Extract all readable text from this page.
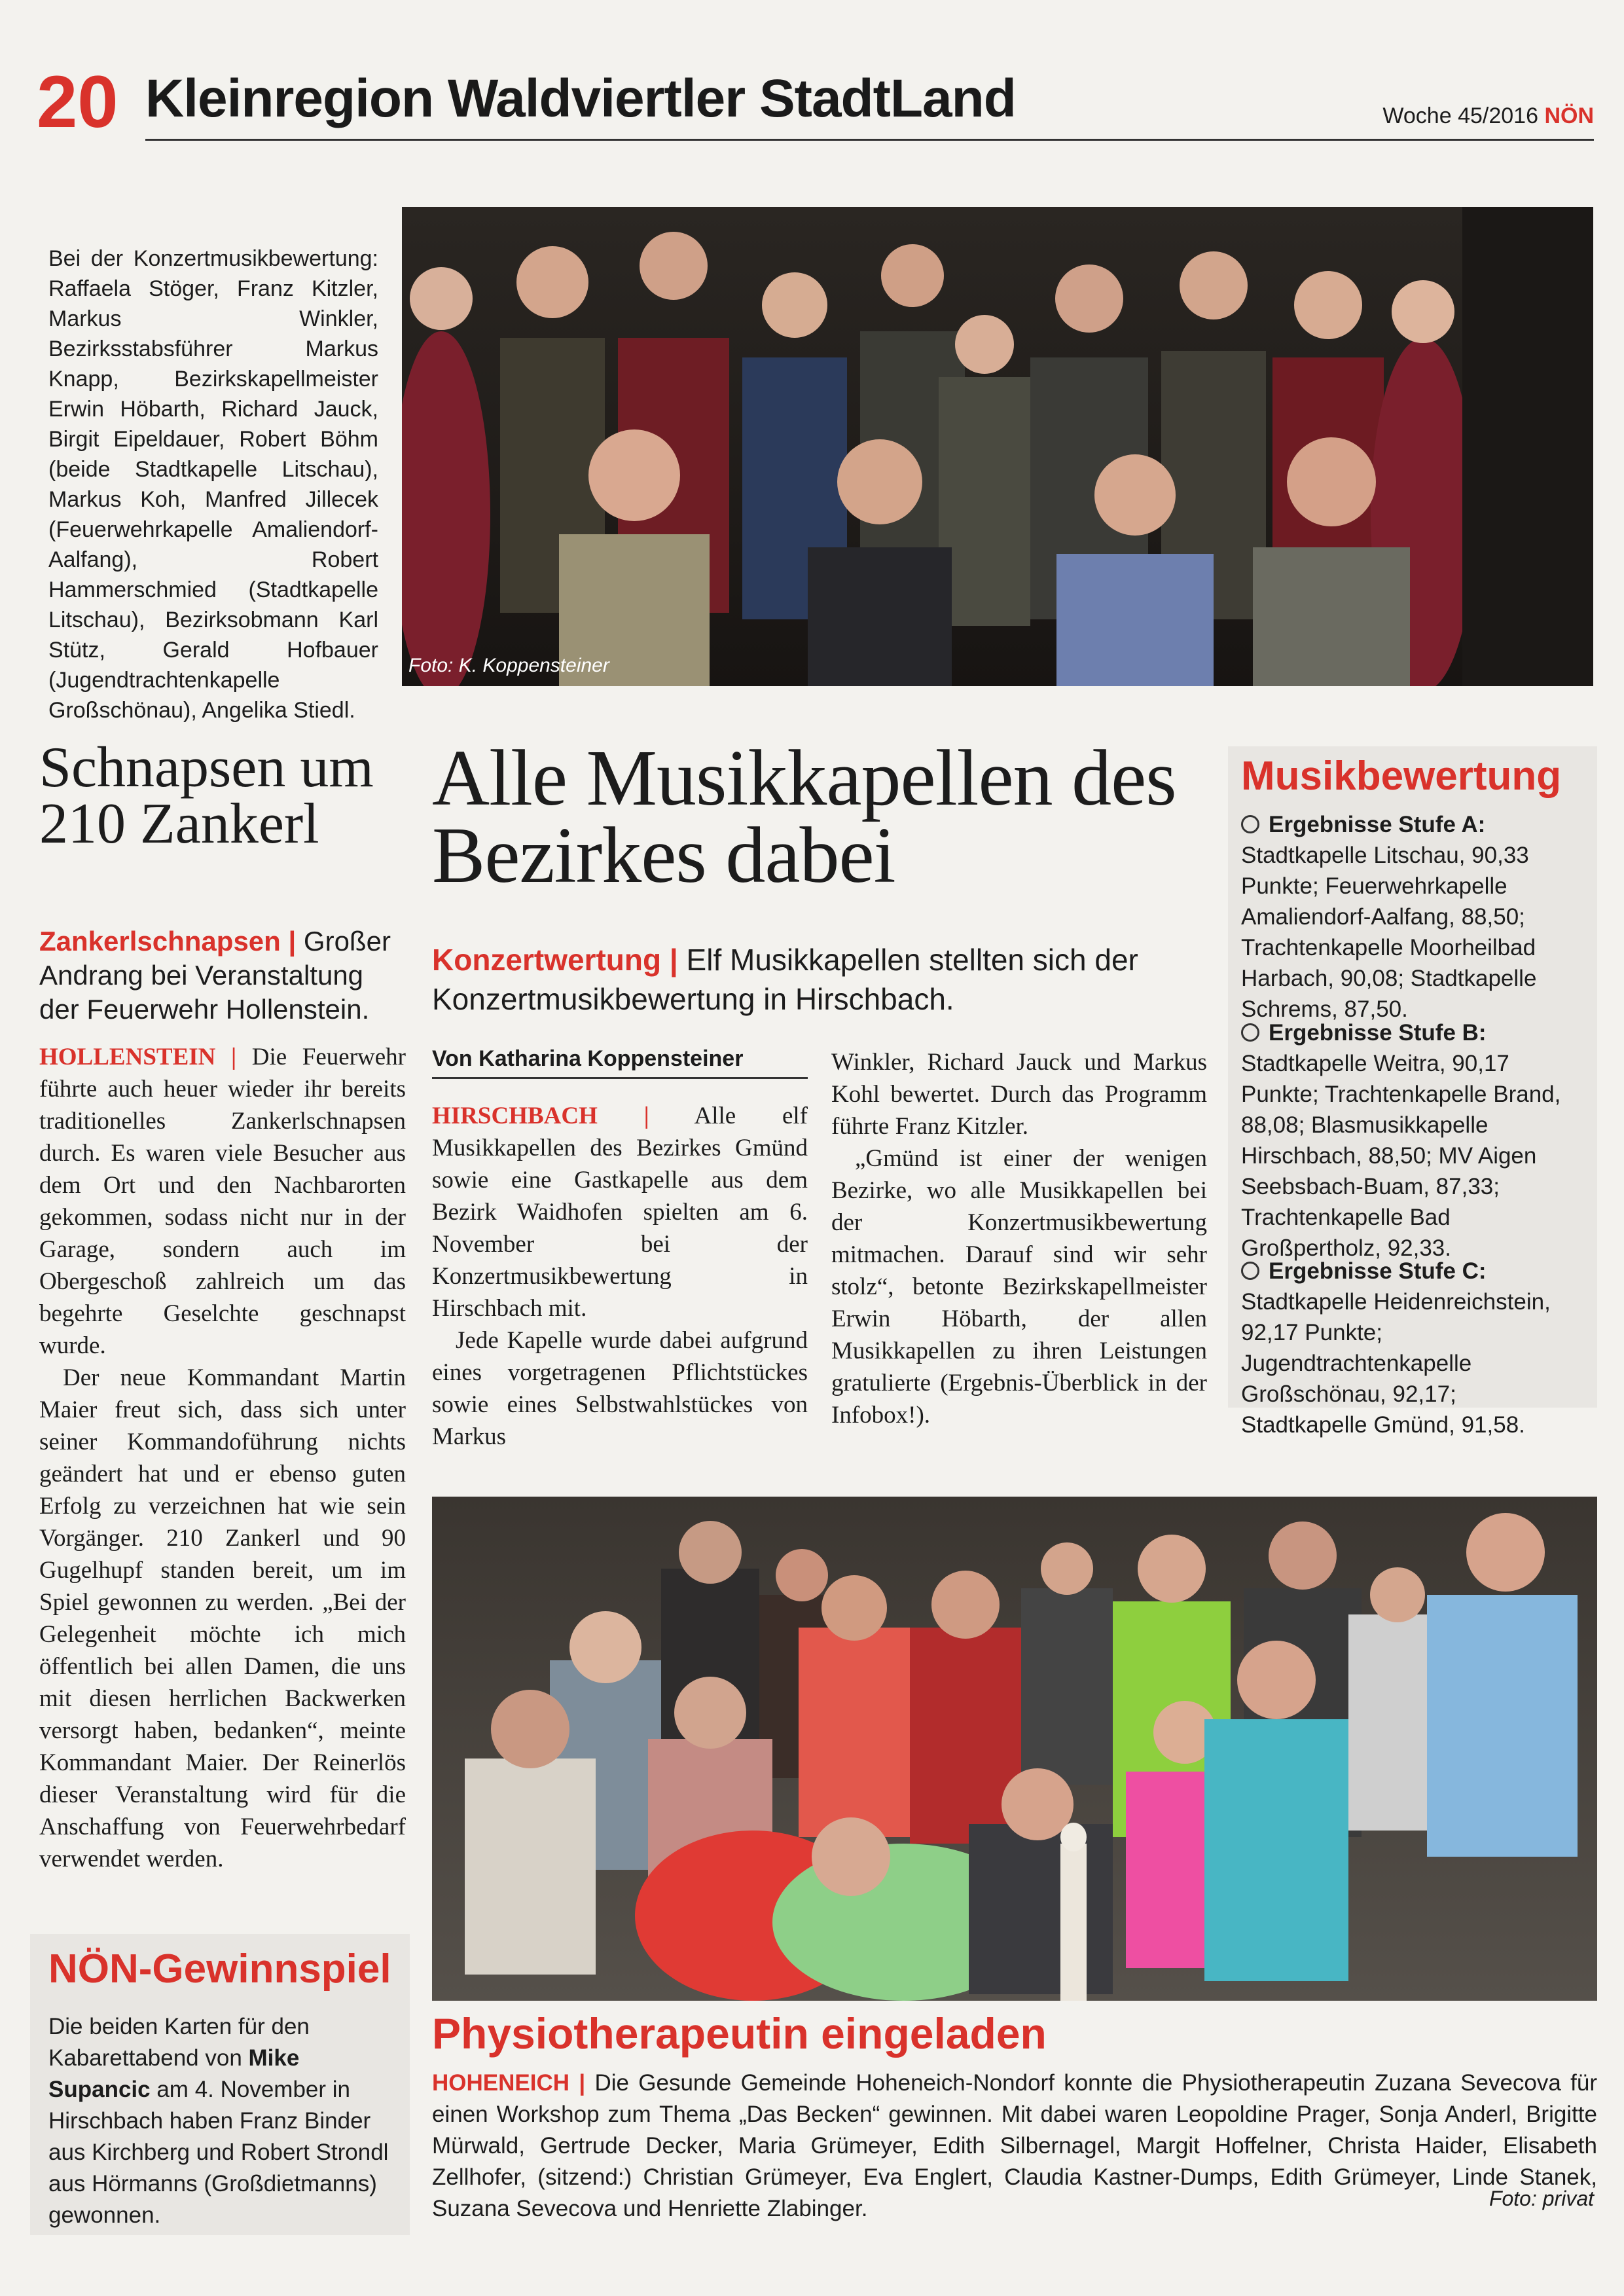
20 Kleinregion Waldviertler StadtLand	Woche 45/2016 NÖN
Bei der Konzertmusikbewertung: Raffaela Stöger, Franz Kitzler, Markus Winkler, Bezirksstabsführer Markus Knapp, Bezirkskapellmeister Erwin Höbarth, Richard Jauck, Birgit Eipeldauer, Robert Böhm (beide Stadtkapelle Litschau), Markus Koh, Manfred Jillecek (Feuerwehrkapelle Amaliendorf-Aalfang), Robert Hammerschmied (Stadtkapelle Litschau), Bezirksobmann Karl Stütz, Gerald Hofbauer (Jugendtrachtenkapelle Großschönau), Angelika Stiedl.
Foto: K. Koppensteiner
Schnapsen um 210 Zankerl
Zankerlschnapsen | Großer Andrang bei Veranstaltung der Feuerwehr Hollenstein.

HOLLENSTEIN | Die Feuerwehr führte auch heuer wieder ihr bereits traditionelles Zankerlschnapsen durch. Es waren viele Besucher aus dem Ort und den Nachbarorten gekommen, sodass nicht nur in der Garage, sondern auch im Obergeschoß zahlreich um das begehrte Geselchte geschnapst wurde.

Der neue Kommandant Martin Maier freut sich, dass sich unter seiner Kommandoführung nichts geändert hat und er ebenso guten Erfolg zu verzeichnen hat wie sein Vorgänger. 210 Zankerl und 90 Gugelhupf standen bereit, um im Spiel gewonnen zu werden. „Bei der Gelegenheit möchte ich mich öffentlich bei allen Damen, die uns mit diesen herrlichen Backwerken versorgt haben, bedanken“, meinte Kommandant Maier. Der Reinerlös dieser Veranstaltung wird für die Anschaffung von Feuerwehrbedarf verwendet werden.

Alle Musikkapellen des Bezirkes dabei
Konzertwertung | Elf Musikkapellen stellten sich der Konzertmusikbewertung in Hirschbach.
Von Katharina Koppensteiner

HIRSCHBACH | Alle elf Musikkapellen des Bezirkes Gmünd sowie eine Gastkapelle aus dem Bezirk Waidhofen spielten am 6. November bei der Konzertmusikbewertung in Hirschbach mit.

Jede Kapelle wurde dabei aufgrund eines vorgetragenen Pflichtstückes sowie eines Selbstwahlstückes von Markus

Winkler, Richard Jauck und Markus Kohl bewertet. Durch das Programm führte Franz Kitzler.

„Gmünd ist einer der wenigen Bezirke, wo alle Musikkapellen bei der Konzertmusikbewertung mitmachen. Darauf sind wir sehr stolz“, betonte Bezirkskapellmeister Erwin Höbarth, der allen Musikkapellen zu ihren Leistungen gratulierte (Ergebnis-Überblick in der Infobox!).

Musikbewertung
Ergebnisse Stufe A: Stadtkapelle Litschau, 90,33 Punkte; Feuerwehrkapelle Amaliendorf-Aalfang, 88,50; Trachtenkapelle Moorheilbad Harbach, 90,08; Stadtkapelle Schrems, 87,50.
Ergebnisse Stufe B: Stadtkapelle Weitra, 90,17 Punkte; Trachtenkapelle Brand, 88,08; Blasmusikkapelle Hirschbach, 88,50; MV Aigen Seebsbach-Buam, 87,33; Trachtenkapelle Bad Großpertholz, 92,33.
Ergebnisse Stufe C: Stadtkapelle Heidenreichstein, 92,17 Punkte; Jugendtrachtenkapelle Großschönau, 92,17; Stadtkapelle Gmünd, 91,58.
NÖN-Gewinnspiel
Die beiden Karten für den Kabarettabend von Mike Supancic am 4. November in Hirschbach haben Franz Binder aus Kirchberg und Robert Strondl aus Hörmanns (Großdietmanns) gewonnen.
Physiotherapeutin eingeladen
HOHENEICH | Die Gesunde Gemeinde Hoheneich-Nondorf konnte die Physiotherapeutin Zuzana Sevecova für einen Workshop zum Thema „Das Becken“ gewinnen. Mit dabei waren Leopoldine Prager, Sonja Anderl, Brigitte Mürwald, Gertrude Decker, Maria Grümeyer, Edith Silbernagel, Margit Hoffelner, Christa Haider, Elisabeth Zellhofer, (sitzend:) Christian Grümeyer, Eva Englert, Claudia Kastner-Dumps, Edith Grümeyer, Linde Stanek, Suzana Sevecova und Henriette Zlabinger.	Foto: privat
